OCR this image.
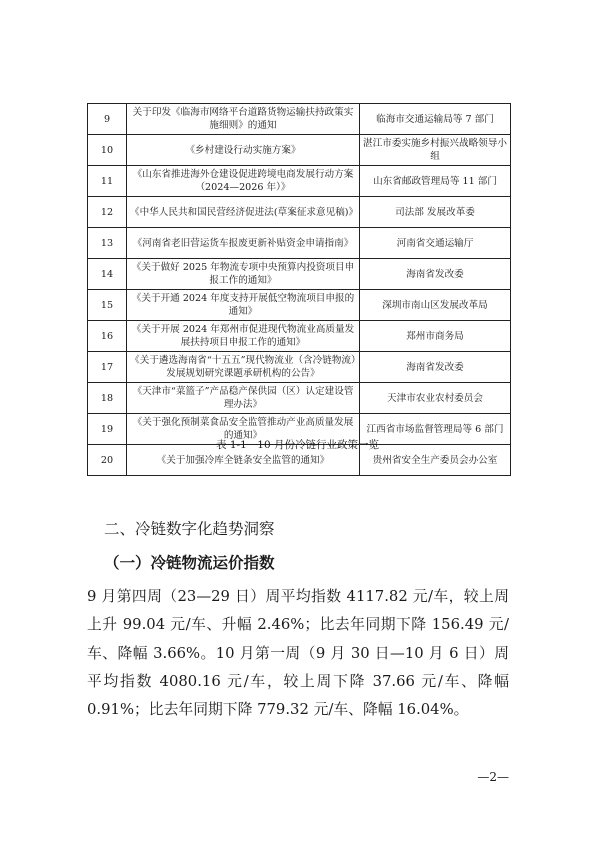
9	关于印发《临海市网络平台道路货物运输扶持政策实施细则》的通知	临海市交通运输局等 7 部门
10	《乡村建设行动实施方案》	湛江市委实施乡村振兴战略领导小组
11	《山东省推进海外仓建设促进跨境电商发展行动方案（2024—2026 年）》	山东省邮政管理局等 11 部门
12	《中华人民共和国民营经济促进法(草案征求意见稿)》	司法部 发展改革委
13	《河南省老旧营运货车报废更新补贴资金申请指南》	河南省交通运输厅
14	《关于做好 2025 年物流专项中央预算内投资项目申报工作的通知》	海南省发改委
15	《关于开通 2024 年度支持开展低空物流项目申报的通知》	深圳市南山区发展改革局
16	《关于开展 2024 年郑州市促进现代物流业高质量发展扶持项目申报工作的通知》	郑州市商务局
17	《关于遴选海南省“十五五”现代物流业（含冷链物流）发展规划研究课题承研机构的公告》	海南省发改委
18	《天津市“菜篮子”产品稳产保供园（区）认定建设管理办法》	天津市农业农村委员会
19	《关于强化预制菜食品安全监管推动产业高质量发展的通知》	江西省市场监督管理局等 6 部门
20	《关于加强冷库全链条安全监管的通知》	贵州省安全生产委员会办公室
表 1-1　10 月份冷链行业政策一览
二、冷链数字化趋势洞察
（一）冷链物流运价指数

9 月第四周（23—29 日）周平均指数 4117.82 元/车，较上周上升 99.04 元/车、升幅 2.46%；比去年同期下降 156.49 元/车、降幅 3.66%。10 月第一周（9 月 30 日—10 月 6 日）周平均指数 4080.16 元/车，较上周下降 37.66 元/车、降幅 0.91%；比去年同期下降 779.32 元/车、降幅 16.04%。

—2—
